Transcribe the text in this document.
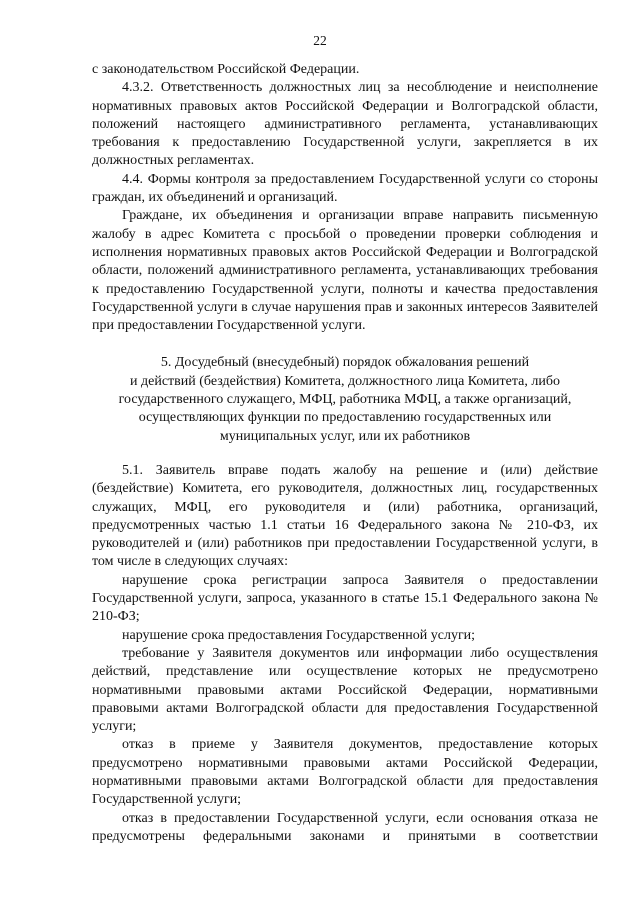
22

с законодательством Российской Федерации.

4.3.2. Ответственность должностных лиц за несоблюдение и неисполнение нормативных правовых актов Российской Федерации и Волгоградской области, положений настоящего административного регламента, устанавливающих требования к предоставлению Государственной услуги, закрепляется в их должностных регламентах.

4.4. Формы контроля за предоставлением Государственной услуги со стороны граждан, их объединений и организаций.

Граждане, их объединения и организации вправе направить письменную жалобу в адрес Комитета с просьбой о проведении проверки соблюдения и исполнения нормативных правовых актов Российской Федерации и Волгоградской области, положений административного регламента, устанавливающих требования к предоставлению Государственной услуги, полноты и качества предоставления Государственной услуги в случае нарушения прав и законных интересов Заявителей при предоставлении Государственной услуги.

5. Досудебный (внесудебный) порядок обжалования решений
и действий (бездействия) Комитета, должностного лица Комитета, либо
государственного служащего, МФЦ, работника МФЦ, а также организаций,
осуществляющих функции по предоставлению государственных или
муниципальных услуг, или их работников

5.1. Заявитель вправе подать жалобу на решение и (или) действие (бездействие) Комитета, его руководителя, должностных лиц, государственных служащих, МФЦ, его руководителя и (или) работника, организаций, предусмотренных частью 1.1 статьи 16 Федерального закона № 210-ФЗ, их руководителей и (или) работников при предоставлении Государственной услуги, в том числе в следующих случаях:

нарушение срока регистрации запроса Заявителя о предоставлении Государственной услуги, запроса, указанного в статье 15.1 Федерального закона № 210-ФЗ;

нарушение срока предоставления Государственной услуги;

требование у Заявителя документов или информации либо осуществления действий, представление или осуществление которых не предусмотрено нормативными правовыми актами Российской Федерации, нормативными правовыми актами Волгоградской области для предоставления Государственной услуги;

отказ в приеме у Заявителя документов, предоставление которых предусмотрено нормативными правовыми актами Российской Федерации, нормативными правовыми актами Волгоградской области для предоставления Государственной услуги;

отказ в предоставлении Государственной услуги, если основания отказа не предусмотрены федеральными законами и принятыми в соответствии
